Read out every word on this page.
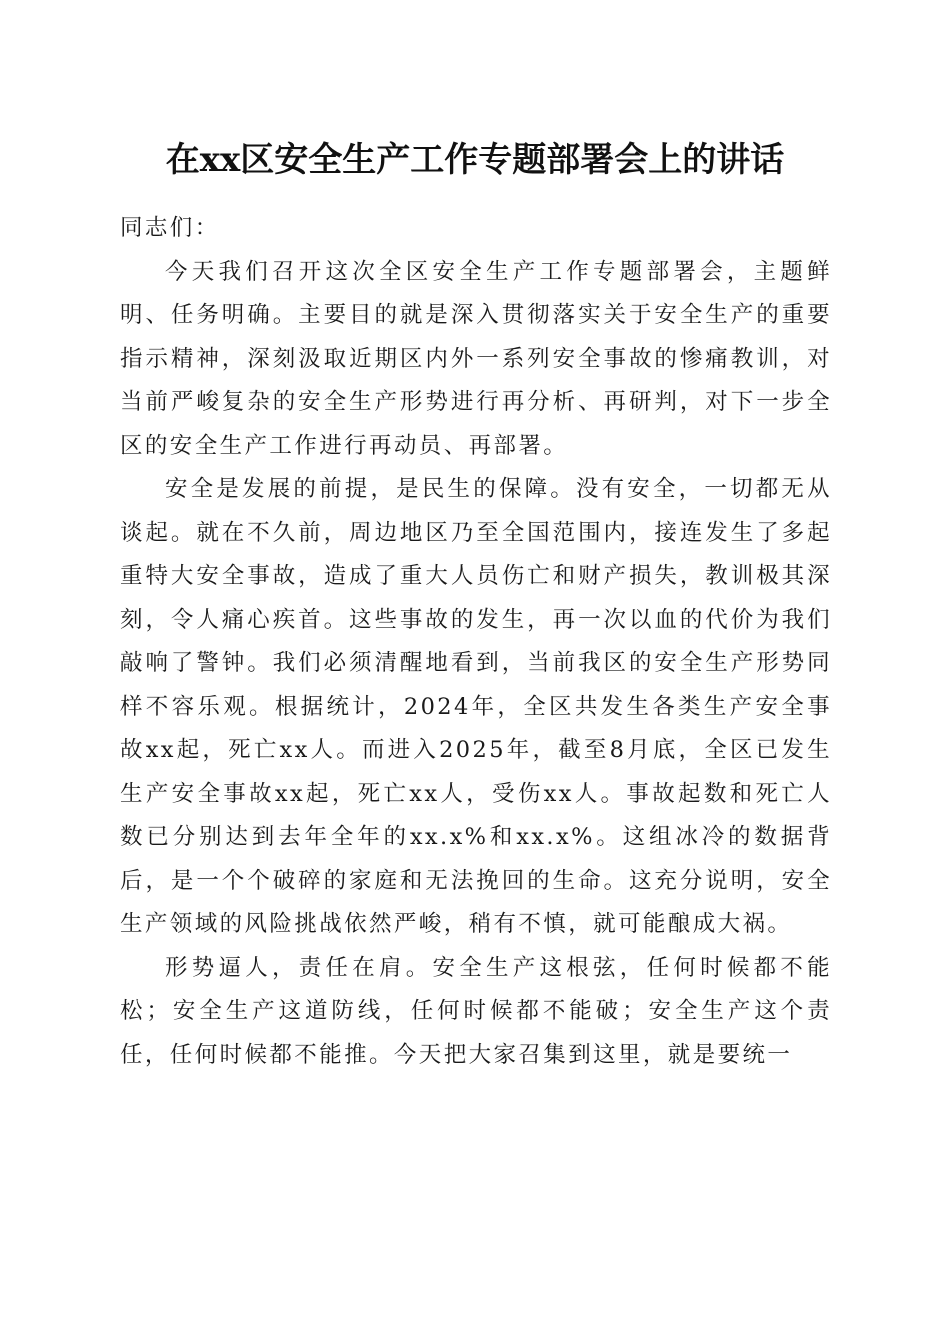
在xx区安全生产工作专题部署会上的讲话

同志们：

今天我们召开这次全区安全生产工作专题部署会，主题鲜明、任务明确。主要目的就是深入贯彻落实关于安全生产的重要指示精神，深刻汲取近期区内外一系列安全事故的惨痛教训，对当前严峻复杂的安全生产形势进行再分析、再研判，对下一步全区的安全生产工作进行再动员、再部署。

安全是发展的前提，是民生的保障。没有安全，一切都无从谈起。就在不久前，周边地区乃至全国范围内，接连发生了多起重特大安全事故，造成了重大人员伤亡和财产损失，教训极其深刻，令人痛心疾首。这些事故的发生，再一次以血的代价为我们敲响了警钟。我们必须清醒地看到，当前我区的安全生产形势同样不容乐观。根据统计，2024年，全区共发生各类生产安全事故xx起，死亡xx人。而进入2025年，截至8月底，全区已发生生产安全事故xx起，死亡xx人，受伤xx人。事故起数和死亡人数已分别达到去年全年的xx.x%和xx.x%。这组冰冷的数据背后，是一个个破碎的家庭和无法挽回的生命。这充分说明，安全生产领域的风险挑战依然严峻，稍有不慎，就可能酿成大祸。

形势逼人，责任在肩。安全生产这根弦，任何时候都不能松；安全生产这道防线，任何时候都不能破；安全生产这个责任，任何时候都不能推。今天把大家召集到这里，就是要统一
